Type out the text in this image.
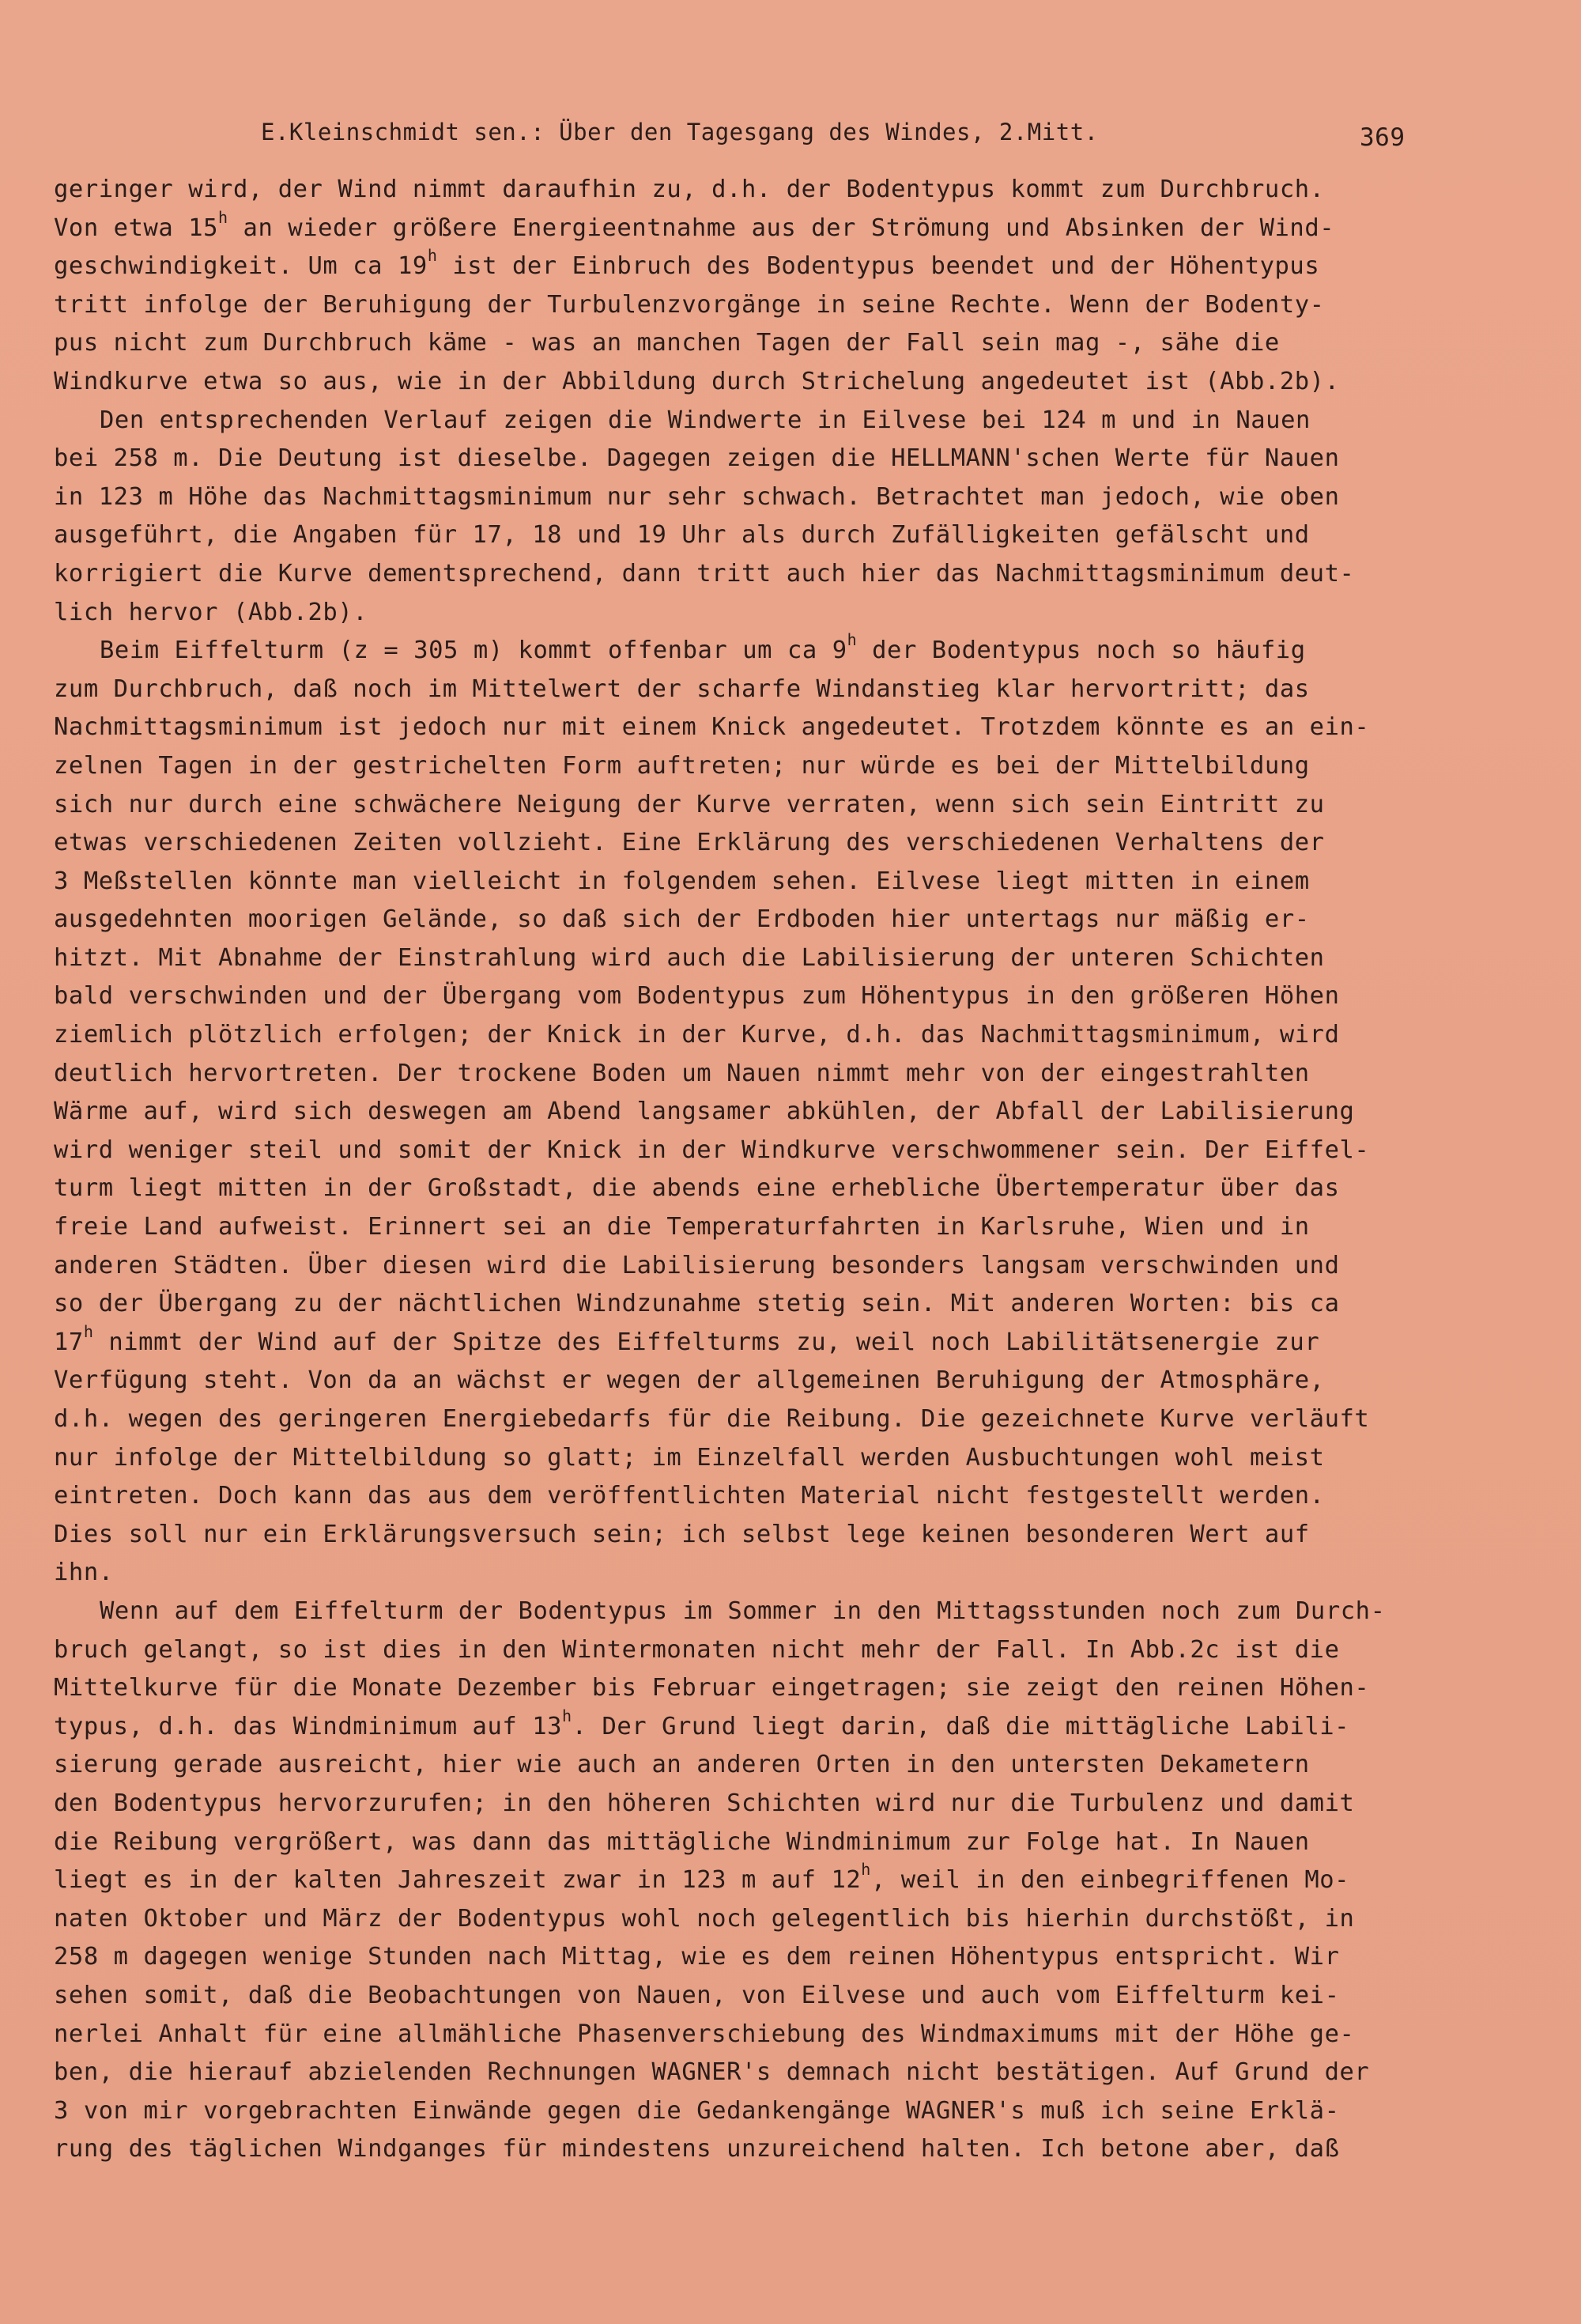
E.Kleinschmidt sen.: Über den Tagesgang des Windes, 2.Mitt.	369
geringer wird, der Wind nimmt daraufhin zu, d.h. der Bodentypus kommt zum Durchbruch.
Von etwa 15$^h$ an wieder größere Energieentnahme aus der Strömung und Absinken der Wind-
geschwindigkeit. Um ca 19$^h$ ist der Einbruch des Bodentypus beendet und der Höhentypus
tritt infolge der Beruhigung der Turbulenzvorgänge in seine Rechte. Wenn der Bodenty-
pus nicht zum Durchbruch käme - was an manchen Tagen der Fall sein mag -, sähe die
Windkurve etwa so aus, wie in der Abbildung durch Strichelung angedeutet ist (Abb.2b).
Den entsprechenden Verlauf zeigen die Windwerte in Eilvese bei 124 m und in Nauen
bei 258 m. Die Deutung ist dieselbe. Dagegen zeigen die HELLMANN'schen Werte für Nauen
in 123 m Höhe das Nachmittagsminimum nur sehr schwach. Betrachtet man jedoch, wie oben
ausgeführt, die Angaben für 17, 18 und 19 Uhr als durch Zufälligkeiten gefälscht und
korrigiert die Kurve dementsprechend, dann tritt auch hier das Nachmittagsminimum deut-
lich hervor (Abb.2b).
Beim Eiffelturm (z = 305 m) kommt offenbar um ca 9$^h$ der Bodentypus noch so häufig
zum Durchbruch, daß noch im Mittelwert der scharfe Windanstieg klar hervortritt; das
Nachmittagsminimum ist jedoch nur mit einem Knick angedeutet. Trotzdem könnte es an ein-
zelnen Tagen in der gestrichelten Form auftreten; nur würde es bei der Mittelbildung
sich nur durch eine schwächere Neigung der Kurve verraten, wenn sich sein Eintritt zu
etwas verschiedenen Zeiten vollzieht. Eine Erklärung des verschiedenen Verhaltens der
3 Meßstellen könnte man vielleicht in folgendem sehen. Eilvese liegt mitten in einem
ausgedehnten moorigen Gelände, so daß sich der Erdboden hier untertags nur mäßig er-
hitzt. Mit Abnahme der Einstrahlung wird auch die Labilisierung der unteren Schichten
bald verschwinden und der Übergang vom Bodentypus zum Höhentypus in den größeren Höhen
ziemlich plötzlich erfolgen; der Knick in der Kurve, d.h. das Nachmittagsminimum, wird
deutlich hervortreten. Der trockene Boden um Nauen nimmt mehr von der eingestrahlten
Wärme auf, wird sich deswegen am Abend langsamer abkühlen, der Abfall der Labilisierung
wird weniger steil und somit der Knick in der Windkurve verschwommener sein. Der Eiffel-
turm liegt mitten in der Großstadt, die abends eine erhebliche Übertemperatur über das
freie Land aufweist. Erinnert sei an die Temperaturfahrten in Karlsruhe, Wien und in
anderen Städten. Über diesen wird die Labilisierung besonders langsam verschwinden und
so der Übergang zu der nächtlichen Windzunahme stetig sein. Mit anderen Worten: bis ca
17$^h$ nimmt der Wind auf der Spitze des Eiffelturms zu, weil noch Labilitätsenergie zur
Verfügung steht. Von da an wächst er wegen der allgemeinen Beruhigung der Atmosphäre,
d.h. wegen des geringeren Energiebedarfs für die Reibung. Die gezeichnete Kurve verläuft
nur infolge der Mittelbildung so glatt; im Einzelfall werden Ausbuchtungen wohl meist
eintreten. Doch kann das aus dem veröffentlichten Material nicht festgestellt werden.
Dies soll nur ein Erklärungsversuch sein; ich selbst lege keinen besonderen Wert auf
ihn.
Wenn auf dem Eiffelturm der Bodentypus im Sommer in den Mittagsstunden noch zum Durch-
bruch gelangt, so ist dies in den Wintermonaten nicht mehr der Fall. In Abb.2c ist die
Mittelkurve für die Monate Dezember bis Februar eingetragen; sie zeigt den reinen Höhen-
typus, d.h. das Windminimum auf 13$^h$. Der Grund liegt darin, daß die mittägliche Labili-
sierung gerade ausreicht, hier wie auch an anderen Orten in den untersten Dekametern
den Bodentypus hervorzurufen; in den höheren Schichten wird nur die Turbulenz und damit
die Reibung vergrößert, was dann das mittägliche Windminimum zur Folge hat. In Nauen
liegt es in der kalten Jahreszeit zwar in 123 m auf 12$^h$, weil in den einbegriffenen Mo-
naten Oktober und März der Bodentypus wohl noch gelegentlich bis hierhin durchstößt, in
258 m dagegen wenige Stunden nach Mittag, wie es dem reinen Höhentypus entspricht. Wir
sehen somit, daß die Beobachtungen von Nauen, von Eilvese und auch vom Eiffelturm kei-
nerlei Anhalt für eine allmähliche Phasenverschiebung des Windmaximums mit der Höhe ge-
ben, die hierauf abzielenden Rechnungen WAGNER's demnach nicht bestätigen. Auf Grund der
3 von mir vorgebrachten Einwände gegen die Gedankengänge WAGNER's muß ich seine Erklä-
rung des täglichen Windganges für mindestens unzureichend halten. Ich betone aber, daß
